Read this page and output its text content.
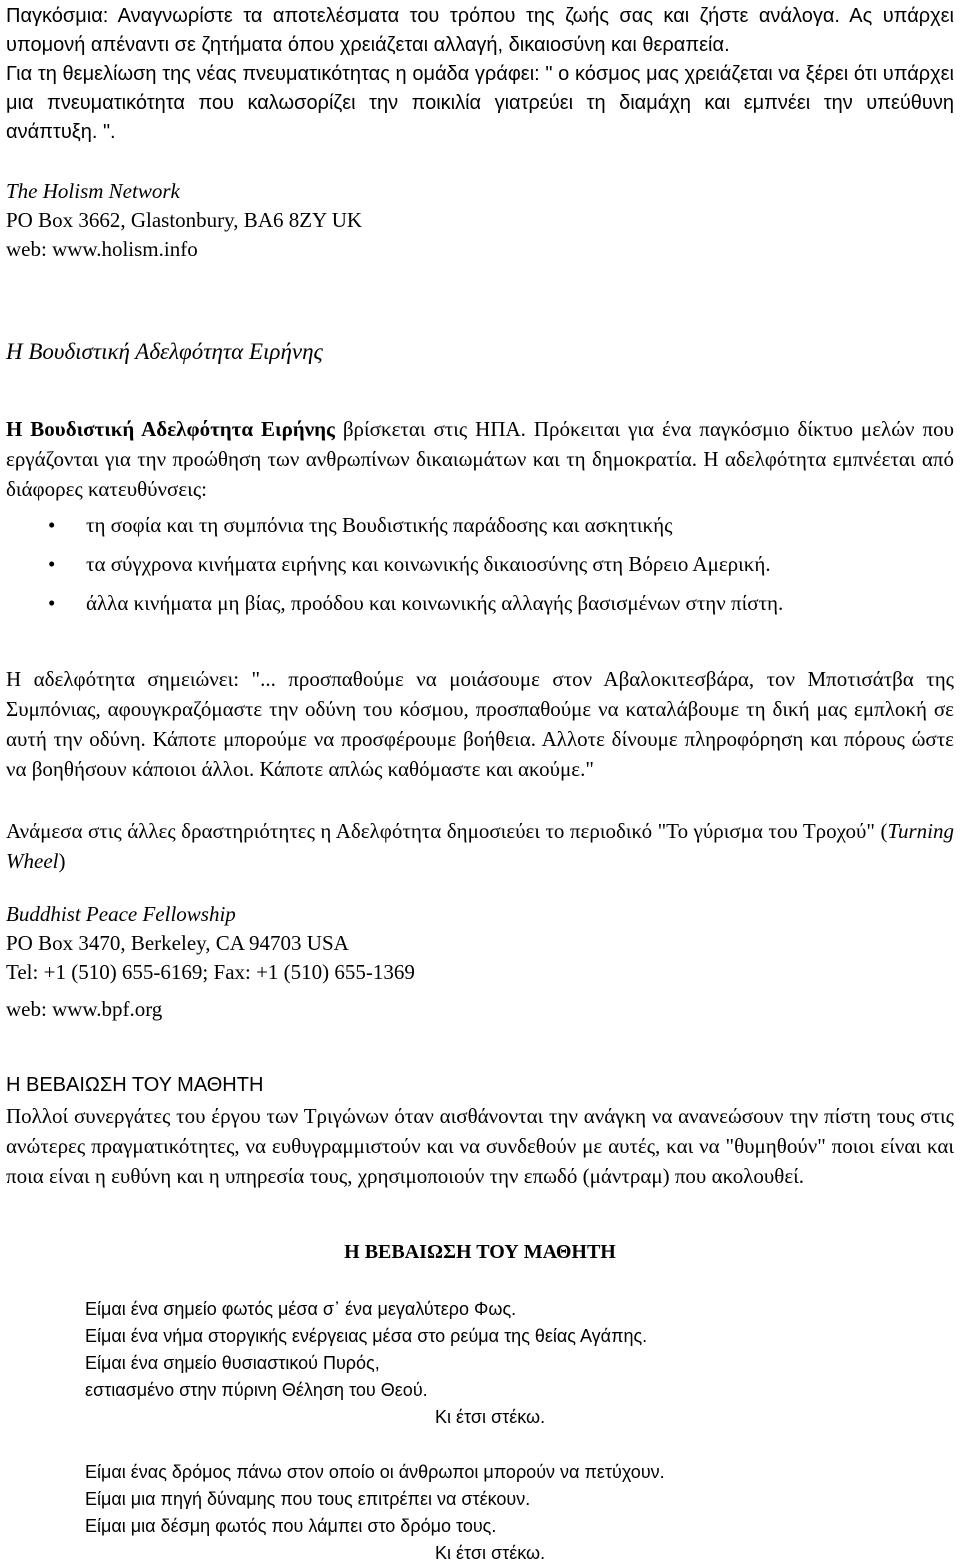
Παγκόσμια: Αναγνωρίστε τα αποτελέσματα του τρόπου της ζωής σας και ζήστε ανάλογα. Ας υπάρχει υπομονή απέναντι σε ζητήματα όπου χρειάζεται αλλαγή, δικαιοσύνη και θεραπεία.

Για τη θεμελίωση της νέας πνευματικότητας η ομάδα γράφει: " ο κόσμος μας χρειάζεται να ξέρει ότι υπάρχει μια πνευματικότητα που καλωσορίζει την ποικιλία γιατρεύει τη διαμάχη και εμπνέει την υπεύθυνη ανάπτυξη. ".

The Holism Network

PO Box 3662, Glastonbury, BA6 8ZY UK

web: www.holism.info

Η Βουδιστική Αδελφότητα Ειρήνης

Η Βουδιστική Αδελφότητα Ειρήνης βρίσκεται στις ΗΠΑ. Πρόκειται για ένα παγκόσμιο δίκτυο μελών που εργάζονται για την προώθηση των ανθρωπίνων δικαιωμάτων και τη δημοκρατία. Η αδελφότητα εμπνέεται από διάφορες κατευθύνσεις:

• τη σοφία και τη συμπόνια της Βουδιστικής παράδοσης και ασκητικής
• τα σύγχρονα κινήματα ειρήνης και κοινωνικής δικαιοσύνης στη Βόρειο Αμερική.
• άλλα κινήματα μη βίας, προόδου και κοινωνικής αλλαγής βασισμένων στην πίστη.

Η αδελφότητα σημειώνει: "... προσπαθούμε να μοιάσουμε στον Αβαλοκιτεσβάρα, τον Μποτισάτβα της Συμπόνιας, αφουγκραζόμαστε την οδύνη του κόσμου, προσπαθούμε να καταλάβουμε τη δική μας εμπλοκή σε αυτή την οδύνη. Κάποτε μπορούμε να προσφέρουμε βοήθεια. Αλλοτε δίνουμε πληροφόρηση και πόρους ώστε να βοηθήσουν κάποιοι άλλοι. Κάποτε απλώς καθόμαστε και ακούμε."

Ανάμεσα στις άλλες δραστηριότητες η Αδελφότητα δημοσιεύει το περιοδικό "Το γύρισμα του Τροχού" (Turning Wheel)

Buddhist Peace Fellowship

PO Box 3470, Berkeley, CA 94703 USA

Tel: +1 (510) 655-6169; Fax: +1 (510) 655-1369

web: www.bpf.org

Η ΒΕΒΑΙΩΣΗ ΤΟΥ ΜΑΘΗΤΗ

Πολλοί συνεργάτες του έργου των Τριγώνων όταν αισθάνονται την ανάγκη να ανανεώσουν την πίστη τους στις ανώτερες πραγματικότητες, να ευθυγραμμιστούν και να συνδεθούν με αυτές, και να "θυμηθούν" ποιοι είναι και ποια είναι η ευθύνη και η υπηρεσία τους, χρησιμοποιούν την επωδό (μάντραμ) που ακολουθεί.

Η ΒΕΒΑΙΩΣΗ ΤΟΥ ΜΑΘΗΤΗ

Είμαι ένα σημείο φωτός μέσα σ᾽ ένα μεγαλύτερο Φως.

Είμαι ένα νήμα στοργικής ενέργειας μέσα στο ρεύμα της θείας Αγάπης.

Είμαι ένα σημείο θυσιαστικού Πυρός,

εστιασμένο στην πύρινη Θέληση του Θεού.

Κι έτσι στέκω.

Είμαι ένας δρόμος πάνω στον οποίο οι άνθρωποι μπορούν να πετύχουν.

Είμαι μια πηγή δύναμης που τους επιτρέπει να στέκουν.

Είμαι μια δέσμη φωτός που λάμπει στο δρόμο τους.

Κι έτσι στέκω.
